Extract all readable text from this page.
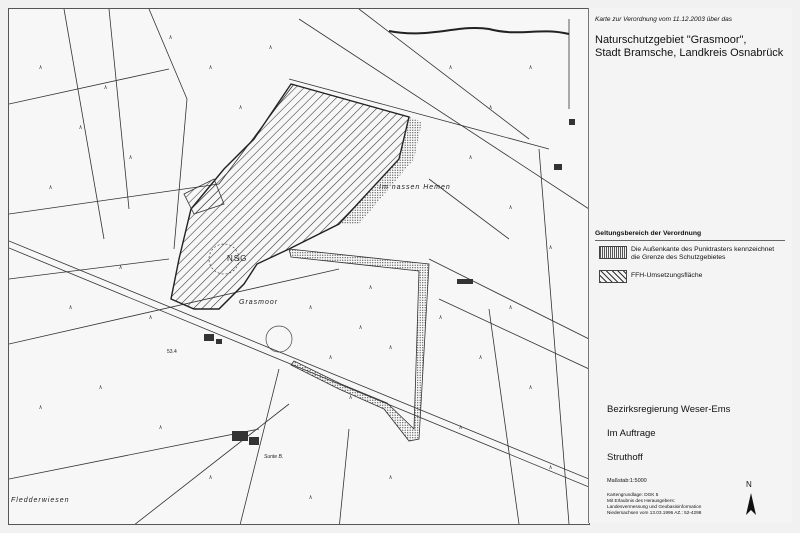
٨
٨
٨
٨
٨
٨
٨
٨
٨
٨
٨
٨
٨
٨
٨
٨
٨
٨
٨
٨
٨
٨
٨
٨
٨
٨
٨
٨
٨
٨
٨
٨
٨
٨
٨
٨
Im nassen Hemen
NSG
Grasmoor
Fledderwiesen
Sunte B.
53.4
Karte zur Verordnung vom 11.12.2003 über das
Naturschutzgebiet "Grasmoor",
Stadt Bramsche, Landkreis Osnabrück
Geltungsbereich der Verordnung
Die Außenkante des Punktrasters kennzeichnet
die Grenze des Schutzgebietes
FFH-Umsetzungsfläche
Bezirksregierung Weser-Ems
Im Auftrage
Struthoff
Maßstab:1:5000
Kartengrundlage: DGK 5
Mit Erlaubnis des Herausgebers:
Landesvermessung und Geobasisinformation
Niedersachsen vom 13.03.1996 AZ.: 52-4298
N
